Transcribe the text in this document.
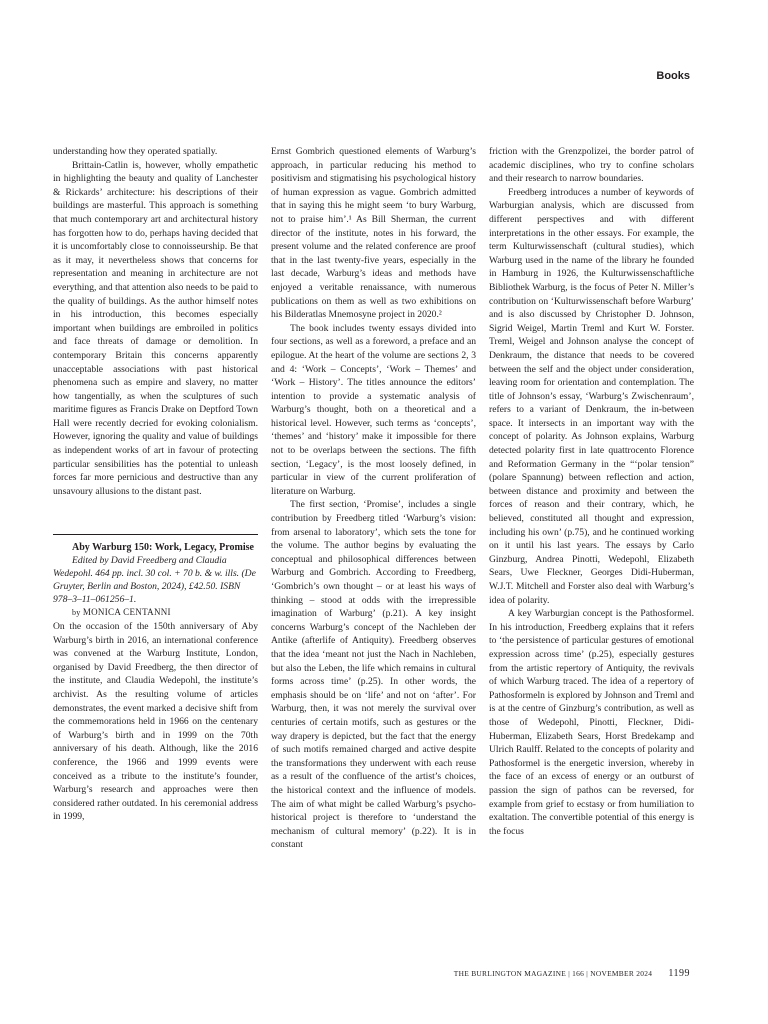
Books

understanding how they operated spatially.

Brittain-Catlin is, however, wholly empathetic in highlighting the beauty and quality of Lanchester & Rickards’ architecture: his descriptions of their buildings are masterful. This approach is something that much contemporary art and architectural history has forgotten how to do, perhaps having decided that it is uncomfortably close to connoisseurship. Be that as it may, it nevertheless shows that concerns for representation and meaning in architecture are not everything, and that attention also needs to be paid to the quality of buildings. As the author himself notes in his introduction, this becomes especially important when buildings are embroiled in politics and face threats of damage or demolition. In contemporary Britain this concerns apparently unacceptable associations with past historical phenomena such as empire and slavery, no matter how tangentially, as when the sculptures of such maritime figures as Francis Drake on Deptford Town Hall were recently decried for evoking colonialism. However, ignoring the quality and value of buildings as independent works of art in favour of protecting particular sensibilities has the potential to unleash forces far more pernicious and destructive than any unsavoury allusions to the distant past.

Aby Warburg 150: Work, Legacy, Promise

Edited by David Freedberg and Claudia Wedepohl. 464 pp. incl. 30 col. + 70 b. & w. ills. (De Gruyter, Berlin and Boston, 2024), £42.50. ISBN 978–3–11–061256–1.

by MONICA CENTANNI

On the occasion of the 150th anniversary of Aby Warburg’s birth in 2016, an international conference was convened at the Warburg Institute, London, organised by David Freedberg, the then director of the institute, and Claudia Wedepohl, the institute’s archivist. As the resulting volume of articles demonstrates, the event marked a decisive shift from the commemorations held in 1966 on the centenary of Warburg’s birth and in 1999 on the 70th anniversary of his death. Although, like the 2016 conference, the 1966 and 1999 events were conceived as a tribute to the institute’s founder, Warburg’s research and approaches were then considered rather outdated. In his ceremonial address in 1999,

Ernst Gombrich questioned elements of Warburg’s approach, in particular reducing his method to positivism and stigmatising his psychological history of human expression as vague. Gombrich admitted that in saying this he might seem ‘to bury Warburg, not to praise him’.¹ As Bill Sherman, the current director of the institute, notes in his forward, the present volume and the related conference are proof that in the last twenty-five years, especially in the last decade, Warburg’s ideas and methods have enjoyed a veritable renaissance, with numerous publications on them as well as two exhibitions on his Bilderatlas Mnemosyne project in 2020.²

The book includes twenty essays divided into four sections, as well as a foreword, a preface and an epilogue. At the heart of the volume are sections 2, 3 and 4: ‘Work – Concepts’, ‘Work – Themes’ and ‘Work – History’. The titles announce the editors’ intention to provide a systematic analysis of Warburg’s thought, both on a theoretical and a historical level. However, such terms as ‘concepts’, ‘themes’ and ‘history’ make it impossible for there not to be overlaps between the sections. The fifth section, ‘Legacy’, is the most loosely defined, in particular in view of the current proliferation of literature on Warburg.

The first section, ‘Promise’, includes a single contribution by Freedberg titled ‘Warburg’s vision: from arsenal to laboratory’, which sets the tone for the volume. The author begins by evaluating the conceptual and philosophical differences between Warburg and Gombrich. According to Freedberg, ‘Gombrich’s own thought – or at least his ways of thinking – stood at odds with the irrepressible imagination of Warburg’ (p.21). A key insight concerns Warburg’s concept of the Nachleben der Antike (afterlife of Antiquity). Freedberg observes that the idea ‘meant not just the Nach in Nachleben, but also the Leben, the life which remains in cultural forms across time’ (p.25). In other words, the emphasis should be on ‘life’ and not on ‘after’. For Warburg, then, it was not merely the survival over centuries of certain motifs, such as gestures or the way drapery is depicted, but the fact that the energy of such motifs remained charged and active despite the transformations they underwent with each reuse as a result of the confluence of the artist’s choices, the historical context and the influence of models. The aim of what might be called Warburg’s psycho-historical project is therefore to ‘understand the mechanism of cultural memory’ (p.22). It is in constant

friction with the Grenzpolizei, the border patrol of academic disciplines, who try to confine scholars and their research to narrow boundaries.

Freedberg introduces a number of keywords of Warburgian analysis, which are discussed from different perspectives and with different interpretations in the other essays. For example, the term Kulturwissenschaft (cultural studies), which Warburg used in the name of the library he founded in Hamburg in 1926, the Kulturwissenschaftliche Bibliothek Warburg, is the focus of Peter N. Miller’s contribution on ‘Kulturwissenschaft before Warburg’ and is also discussed by Christopher D. Johnson, Sigrid Weigel, Martin Treml and Kurt W. Forster. Treml, Weigel and Johnson analyse the concept of Denkraum, the distance that needs to be covered between the self and the object under consideration, leaving room for orientation and contemplation. The title of Johnson’s essay, ‘Warburg’s Zwischenraum’, refers to a variant of Denkraum, the in-between space. It intersects in an important way with the concept of polarity. As Johnson explains, Warburg detected polarity first in late quattrocento Florence and Reformation Germany in the “‘polar tension” (polare Spannung) between reflection and action, between distance and proximity and between the forces of reason and their contrary, which, he believed, constituted all thought and expression, including his own’ (p.75), and he continued working on it until his last years. The essays by Carlo Ginzburg, Andrea Pinotti, Wedepohl, Elizabeth Sears, Uwe Fleckner, Georges Didi-Huberman, W.J.T. Mitchell and Forster also deal with Warburg’s idea of polarity.

A key Warburgian concept is the Pathosformel. In his introduction, Freedberg explains that it refers to ‘the persistence of particular gestures of emotional expression across time’ (p.25), especially gestures from the artistic repertory of Antiquity, the revivals of which Warburg traced. The idea of a repertory of Pathosformeln is explored by Johnson and Treml and is at the centre of Ginzburg’s contribution, as well as those of Wedepohl, Pinotti, Fleckner, Didi-Huberman, Elizabeth Sears, Horst Bredekamp and Ulrich Raulff. Related to the concepts of polarity and Pathosformel is the energetic inversion, whereby in the face of an excess of energy or an outburst of passion the sign of pathos can be reversed, for example from grief to ecstasy or from humiliation to exaltation. The convertible potential of this energy is the focus

THE BURLINGTON MAGAZINE | 166 | NOVEMBER 2024 1199
